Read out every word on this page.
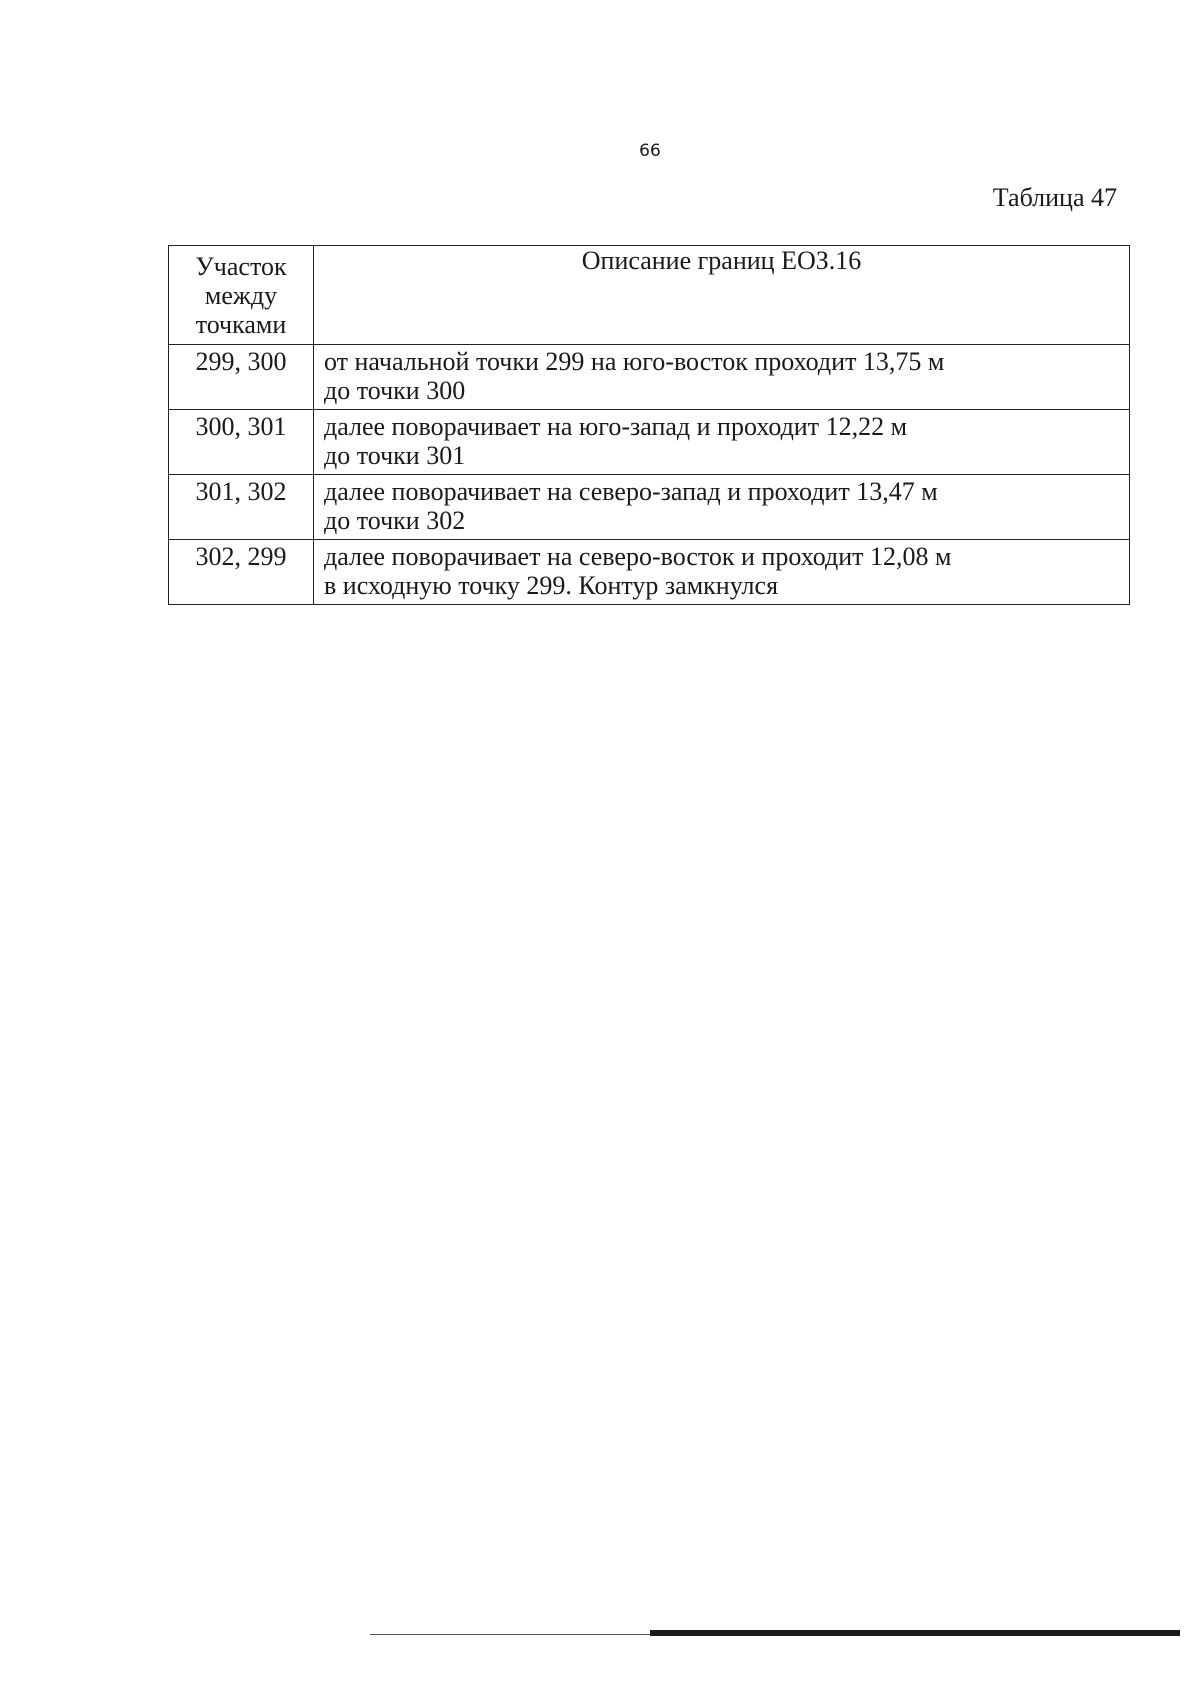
66
Таблица 47
Участок между точками	Описание границ ЕОЗ.16
299, 300	от начальной точки 299 на юго-восток проходит 13,75 м
до точки 300

300, 301	далее поворачивает на юго-запад и проходит 12,22 м
до точки 301

301, 302	далее поворачивает на северо-запад и проходит 13,47 м
до точки 302

302, 299	далее поворачивает на северо-восток и проходит 12,08 м
в исходную точку 299. Контур замкнулся
